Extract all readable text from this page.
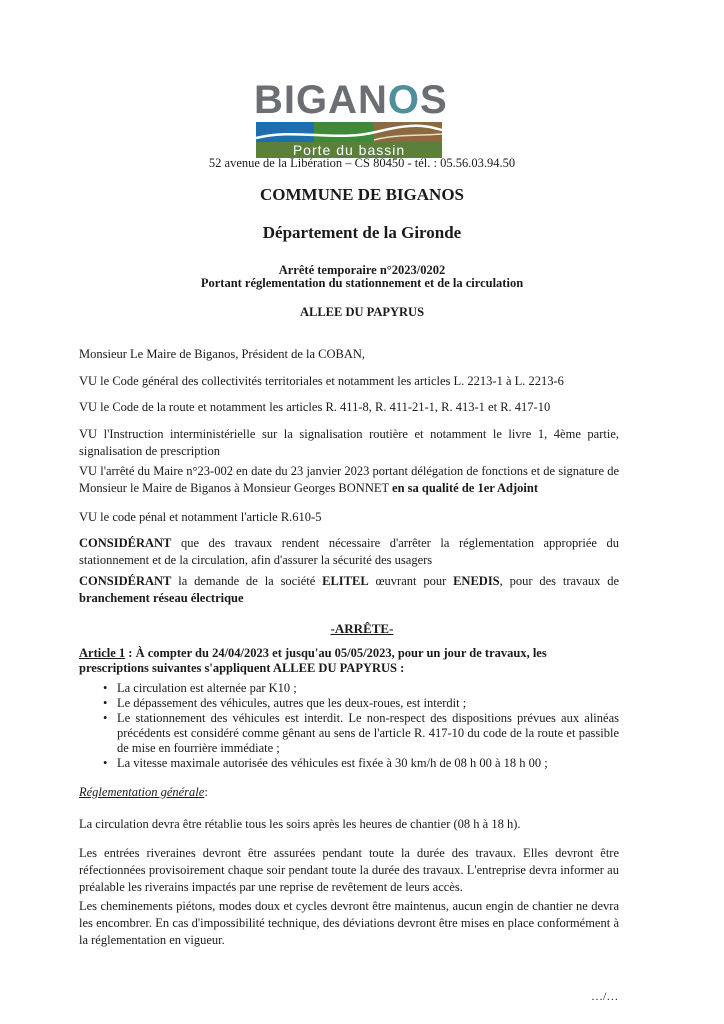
BIGANOS
Porte du bassin
52 avenue de la Libération – CS 80450 - tél. : 05.56.03.94.50
COMMUNE DE BIGANOS
Département de la Gironde
Arrêté temporaire n°2023/0202
Portant réglementation du stationnement et de la circulation
ALLEE DU PAPYRUS
Monsieur Le Maire de Biganos, Président de la COBAN,
VU le Code général des collectivités territoriales et notamment les articles L. 2213-1 à L. 2213-6
VU le Code de la route et notamment les articles R. 411-8, R. 411-21-1, R. 413-1 et R. 417-10
VU l'Instruction interministérielle sur la signalisation routière et notamment le livre 1, 4ème partie, signalisation de prescription
VU l'arrêté du Maire n°23-002 en date du 23 janvier 2023 portant délégation de fonctions et de signature de Monsieur le Maire de Biganos à Monsieur Georges BONNET en sa qualité de 1er Adjoint
VU le code pénal et notamment l'article R.610-5
CONSIDÉRANT que des travaux rendent nécessaire d'arrêter la réglementation appropriée du stationnement et de la circulation, afin d'assurer la sécurité des usagers
CONSIDÉRANT la demande de la société ELITEL œuvrant pour ENEDIS, pour des travaux de branchement réseau électrique
-ARRÊTE-
Article 1 : À compter du 24/04/2023 et jusqu'au 05/05/2023, pour un jour de travaux, les prescriptions suivantes s'appliquent ALLEE DU PAPYRUS :
• La circulation est alternée par K10 ;
• Le dépassement des véhicules, autres que les deux-roues, est interdit ;
• Le stationnement des véhicules est interdit. Le non-respect des dispositions prévues aux alinéas précédents est considéré comme gênant au sens de l'article R. 417-10 du code de la route et passible de mise en fourrière immédiate ;
• La vitesse maximale autorisée des véhicules est fixée à 30 km/h de 08 h 00 à 18 h 00 ;
Réglementation générale:
La circulation devra être rétablie tous les soirs après les heures de chantier (08 h à 18 h).
Les entrées riveraines devront être assurées pendant toute la durée des travaux. Elles devront être réfectionnées provisoirement chaque soir pendant toute la durée des travaux. L'entreprise devra informer au préalable les riverains impactés par une reprise de revêtement de leurs accès.
Les cheminements piétons, modes doux et cycles devront être maintenus, aucun engin de chantier ne devra les encombrer. En cas d'impossibilité technique, des déviations devront être mises en place conformément à la réglementation en vigueur.
…/…
